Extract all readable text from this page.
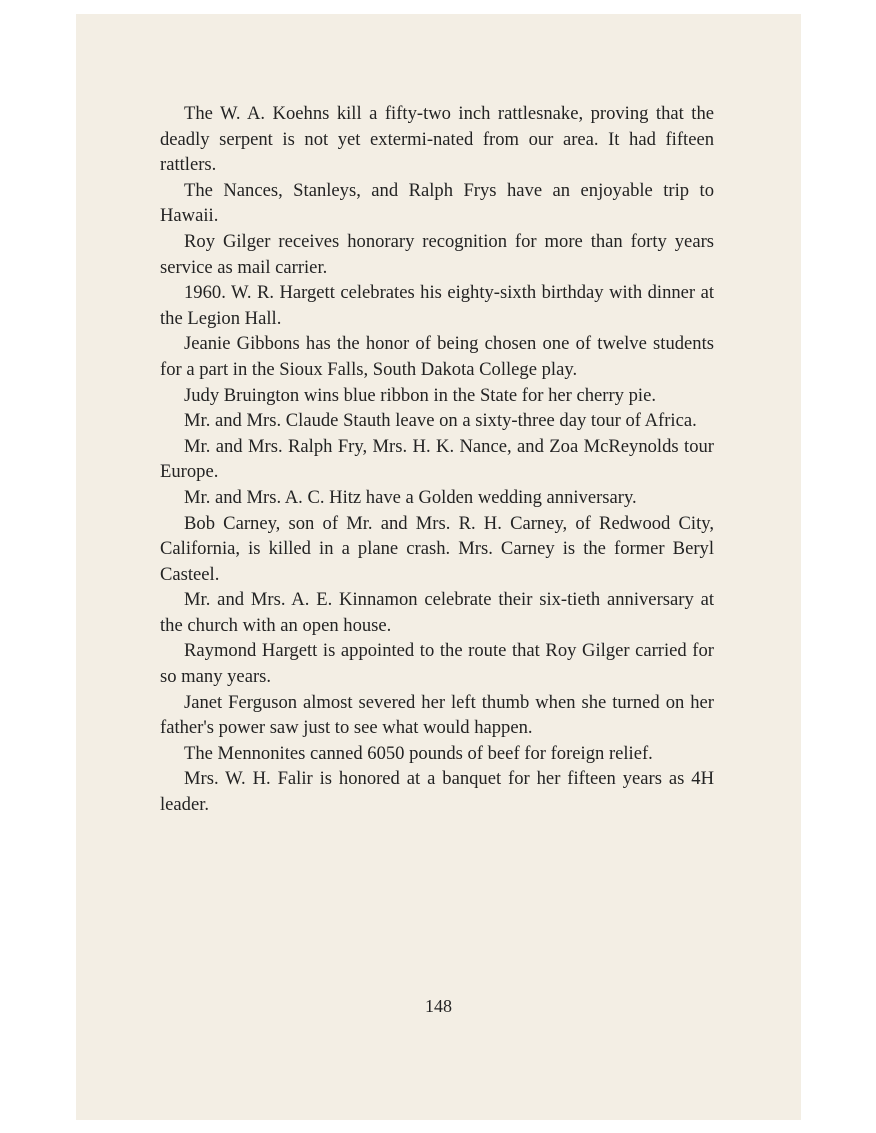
The W. A. Koehns kill a fifty-two inch rattlesnake, proving that the deadly serpent is not yet extermi-nated from our area. It had fifteen rattlers.

The Nances, Stanleys, and Ralph Frys have an enjoyable trip to Hawaii.

Roy Gilger receives honorary recognition for more than forty years service as mail carrier.

1960. W. R. Hargett celebrates his eighty-sixth birthday with dinner at the Legion Hall.

Jeanie Gibbons has the honor of being chosen one of twelve students for a part in the Sioux Falls, South Dakota College play.

Judy Bruington wins blue ribbon in the State for her cherry pie.

Mr. and Mrs. Claude Stauth leave on a sixty-three day tour of Africa.

Mr. and Mrs. Ralph Fry, Mrs. H. K. Nance, and Zoa McReynolds tour Europe.

Mr. and Mrs. A. C. Hitz have a Golden wedding anniversary.

Bob Carney, son of Mr. and Mrs. R. H. Carney, of Redwood City, California, is killed in a plane crash. Mrs. Carney is the former Beryl Casteel.

Mr. and Mrs. A. E. Kinnamon celebrate their six-tieth anniversary at the church with an open house.

Raymond Hargett is appointed to the route that Roy Gilger carried for so many years.

Janet Ferguson almost severed her left thumb when she turned on her father's power saw just to see what would happen.

The Mennonites canned 6050 pounds of beef for foreign relief.

Mrs. W. H. Falir is honored at a banquet for her fifteen years as 4H leader.

148
